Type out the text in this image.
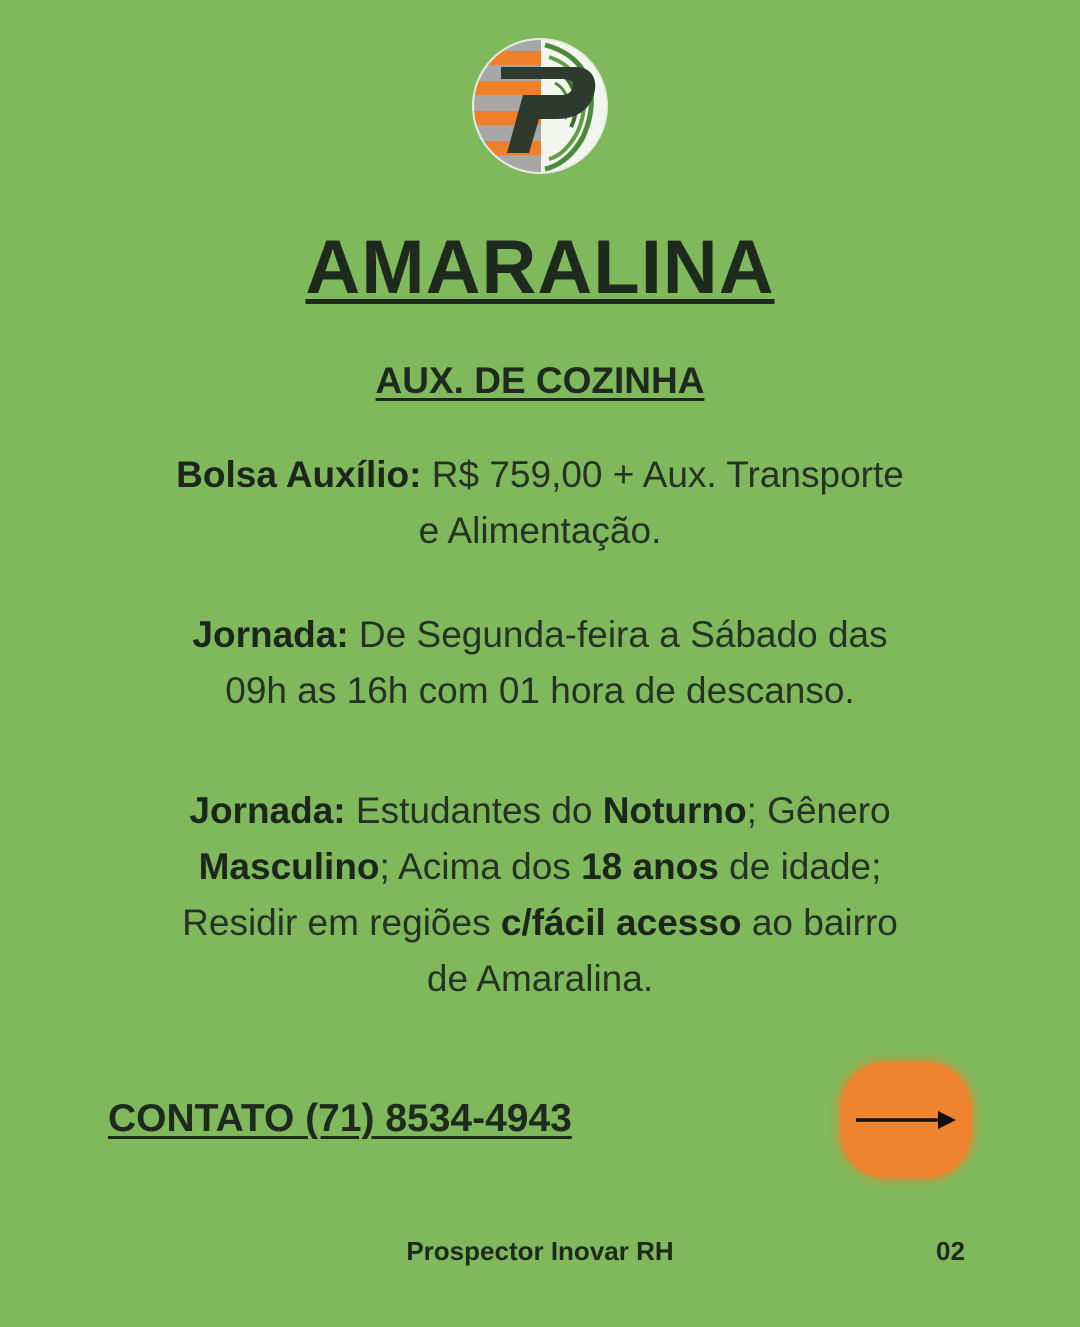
AMARALINA
AUX. DE COZINHA
Bolsa Auxílio: R$ 759,00 + Aux. Transporte
e Alimentação.
Jornada: De Segunda-feira a Sábado das
09h as 16h com 01 hora de descanso.
Jornada: Estudantes do Noturno; Gênero
Masculino; Acima dos 18 anos de idade;
Residir em regiões c/fácil acesso ao bairro
de Amaralina.
CONTATO (71) 8534-4943
Prospector Inovar RH	02
